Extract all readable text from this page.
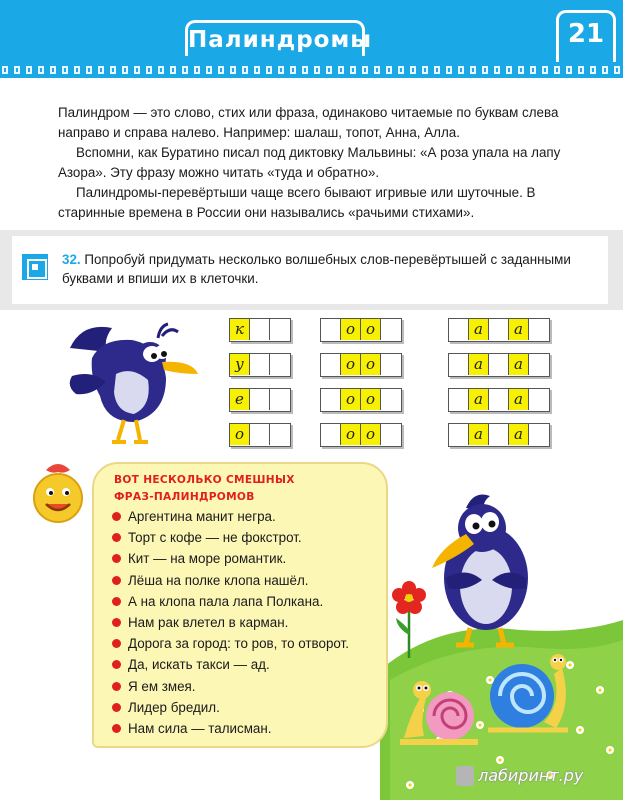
Палиндромы	21

Палиндром — это слово, стих или фраза, одинаково читаемые по буквам слева направо и справа налево. Например: шалаш, топот, Анна, Алла.

Вспомни, как Буратино писал под диктовку Мальвины: «А роза упала на лапу Азора». Эту фразу можно читать «туда и обратно».

Палиндромы-перевёртыши чаще всего бывают игривые или шуточные. В старинные времена в России они назывались «рачьими стихами».

32. Попробуй придумать несколько волшебных слов-перевёртышей с заданными буквами и впиши их в клеточки.
к	о о	а	а
у	о о	а	а
е	о о	а	а
о	о о	а	а
ВОТ НЕСКОЛЬКО СМЕШНЫХ
ФРАЗ-ПАЛИНДРОМОВ
Аргентина манит негра.
Торт с кофе — не фокстрот.
Кит — на море романтик.
Лёша на полке клопа нашёл.
А на клопа пала лапа Полкана.
Нам рак влетел в карман.
Дорога за город: то ров, то отворот.
Да, искать такси — ад.
Я ем змея.
Лидер бредил.
Нам сила — талисман.
лабиринт.ру
